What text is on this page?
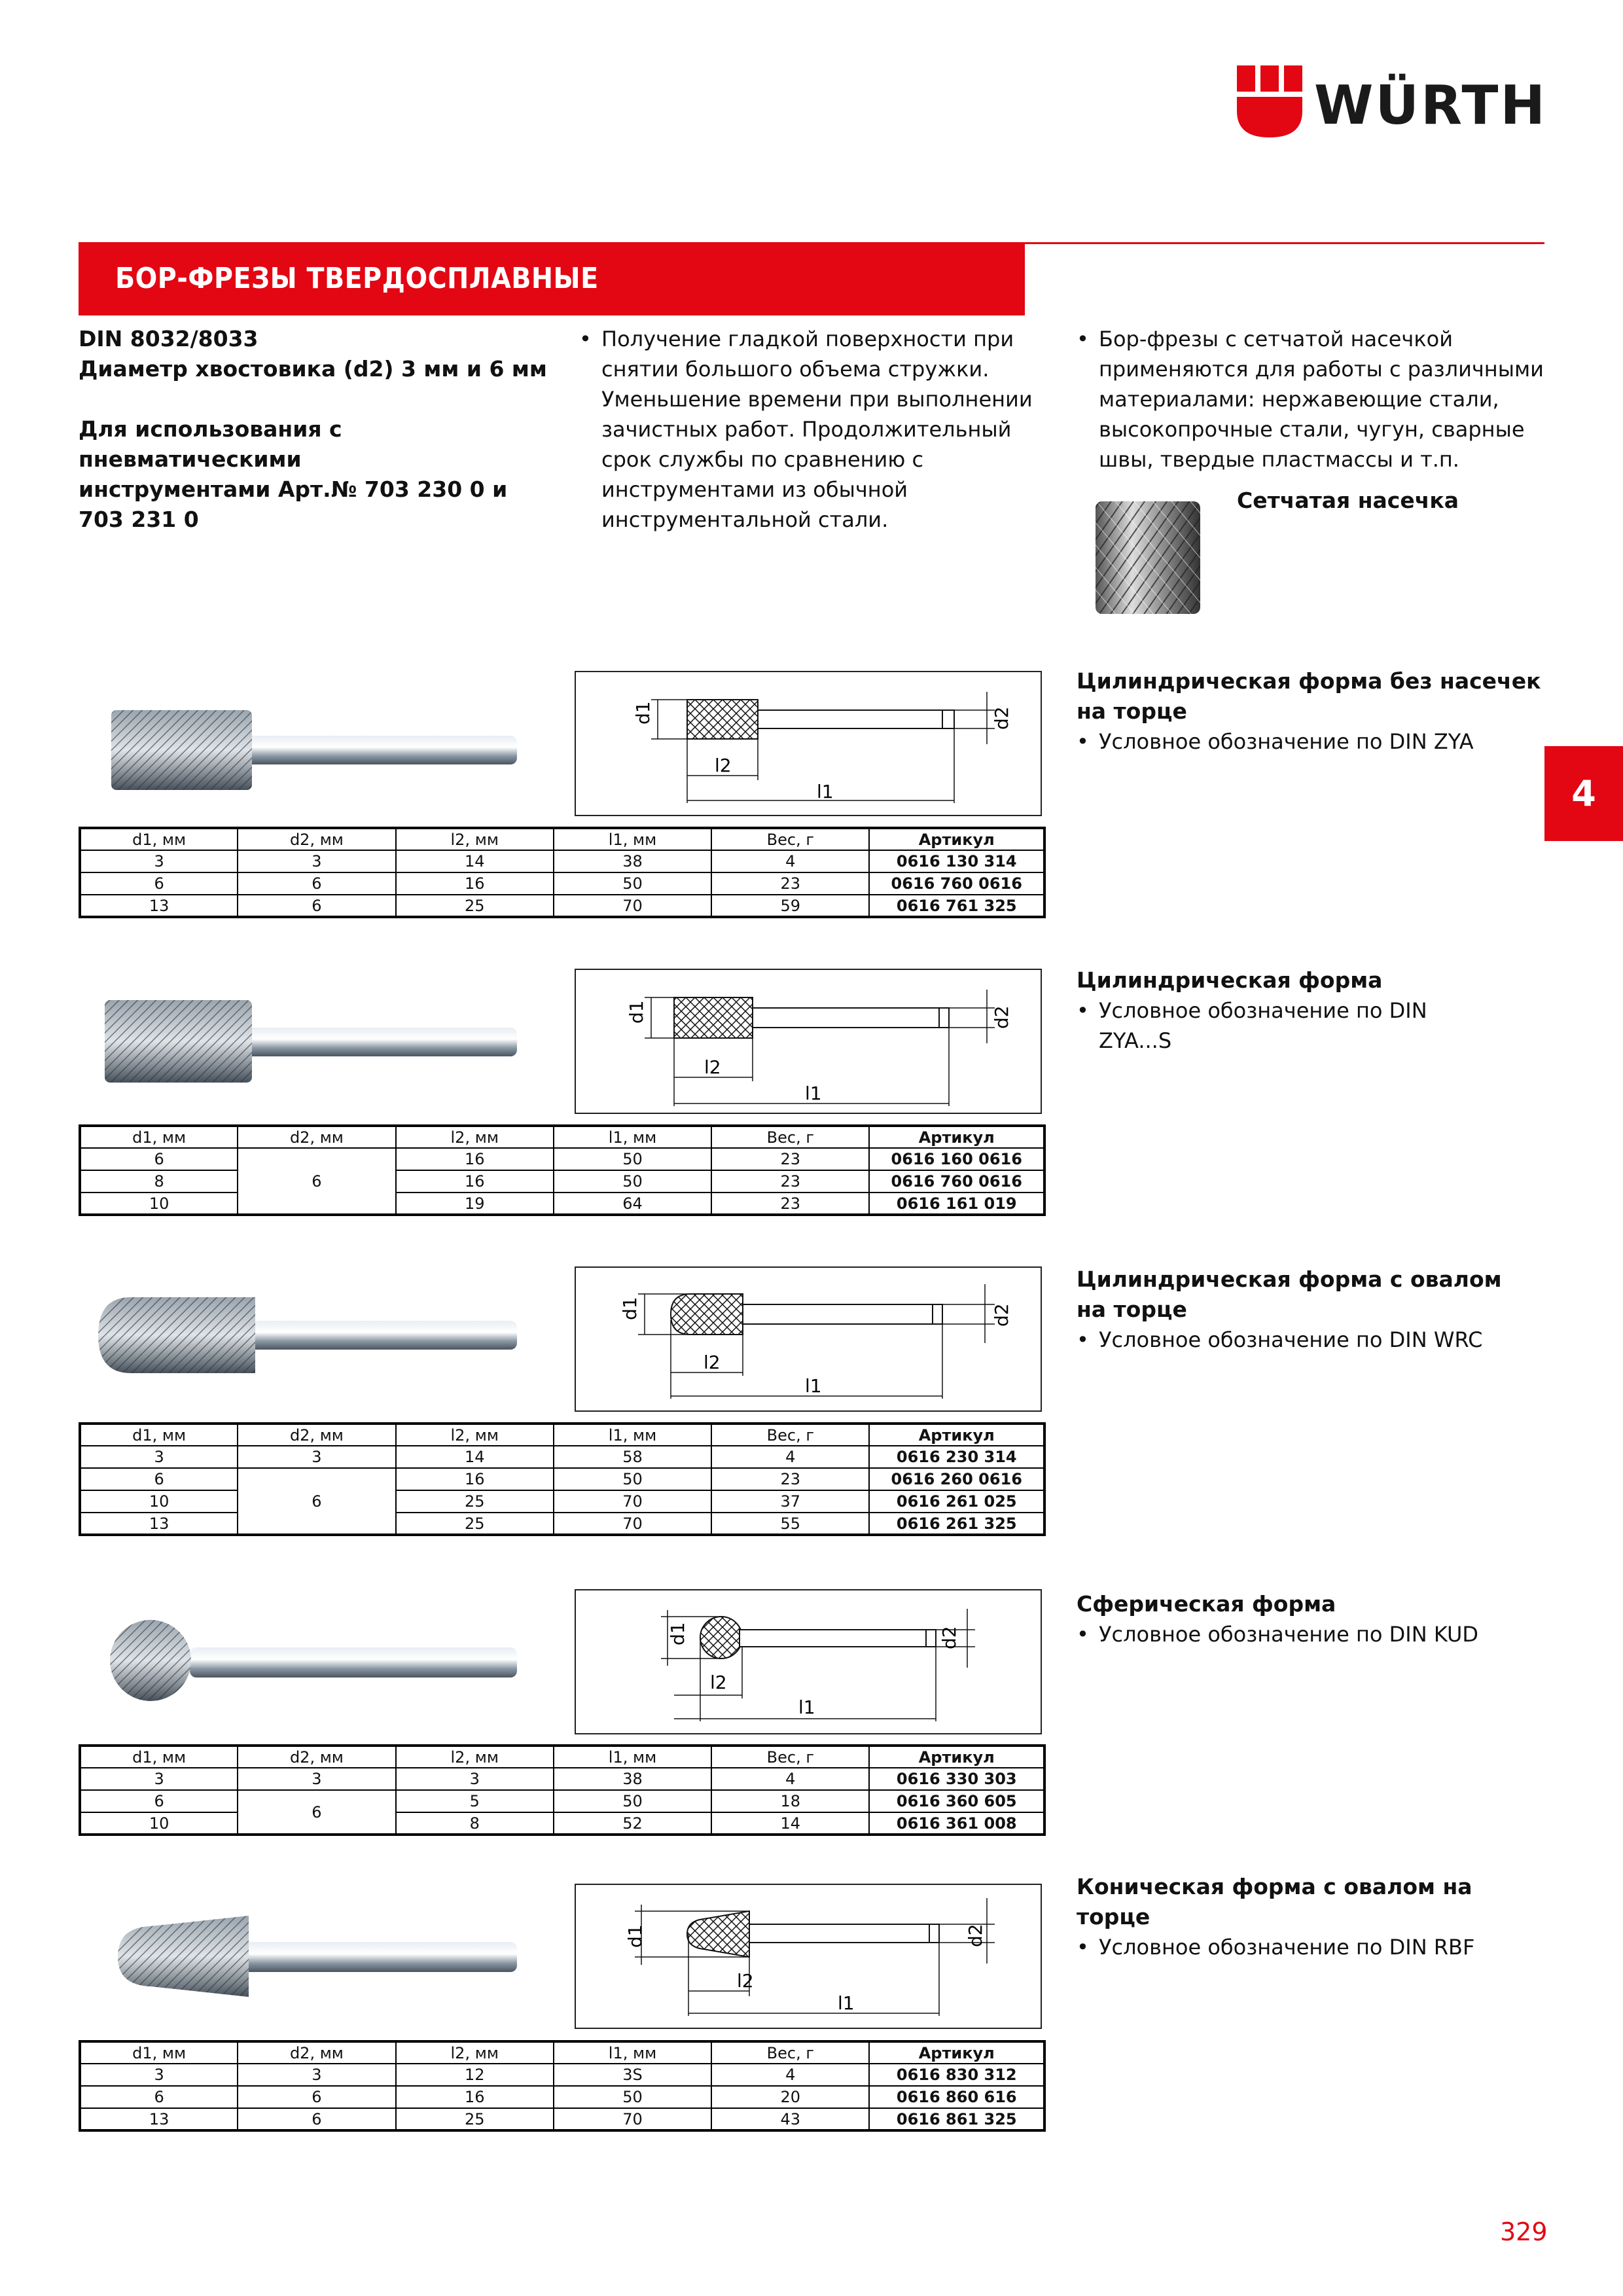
WÜRTH
БОР-ФРЕЗЫ ТВЕРДОСПЛАВНЫЕ
4

DIN 8032/8033

Диаметр хвостовика (d2) 3 мм и 6 мм

Для использования с пневматическими

инструментами Арт.№ 703 230 0 и

703 231 0

• Получение гладкой поверхности при снятии большого объема стружки. Уменьшение времени при выполнении зачистных работ. Продолжительный срок службы по сравнению с инструментами из обычной инструментальной стали.
• Бор-фрезы с сетчатой насечкой применяются для работы с различными материалами: нержавеющие стали, высокопрочные стали, чугун, сварные швы, твердые пластмассы и т.п.
Сетчатая насечка
d1	d2
l2
l1
Цилиндрическая форма без насечек
на торце
• Условное обозначение по DIN ZYA
d1, мм	d2, мм	l2, мм	l1, мм	Вес, г	Артикул
3	3	14	38	4	0616 130 314
6	6	16	50	23	0616 760 0616
13	6	25	70	59	0616 761 325
d1	d2
l2
l1
Цилиндрическая форма
• Условное обозначение по DIN
ZYA...S
d1, мм	d2, мм	l2, мм	l1, мм	Вес, г	Артикул
6	6	16	50	23	0616 160 0616
8		16	50	23	0616 760 0616
10		19	64	23	0616 161 019
d1	d2
l2
l1
Цилиндрическая форма с овалом
на торце
• Условное обозначение по DIN WRC
d1, мм	d2, мм	l2, мм	l1, мм	Вес, г	Артикул
3	3	14	58	4	0616 230 314
6	6	16	50	23	0616 260 0616
10		25	70	37	0616 261 025
13		25	70	55	0616 261 325
d1	d2
l2
l1
Сферическая форма
• Условное обозначение по DIN KUD
d1, мм	d2, мм	l2, мм	l1, мм	Вес, г	Артикул
3	3	3	38	4	0616 330 303
6	6	5	50	18	0616 360 605
10		8	52	14	0616 361 008
d1	d2
l2
l1
Коническая форма с овалом на торце
• Условное обозначение по DIN RBF
d1, мм	d2, мм	l2, мм	l1, мм	Вес, г	Артикул
3	3	12	3S	4	0616 830 312
6	6	16	50	20	0616 860 616
13	6	25	70	43	0616 861 325
329
